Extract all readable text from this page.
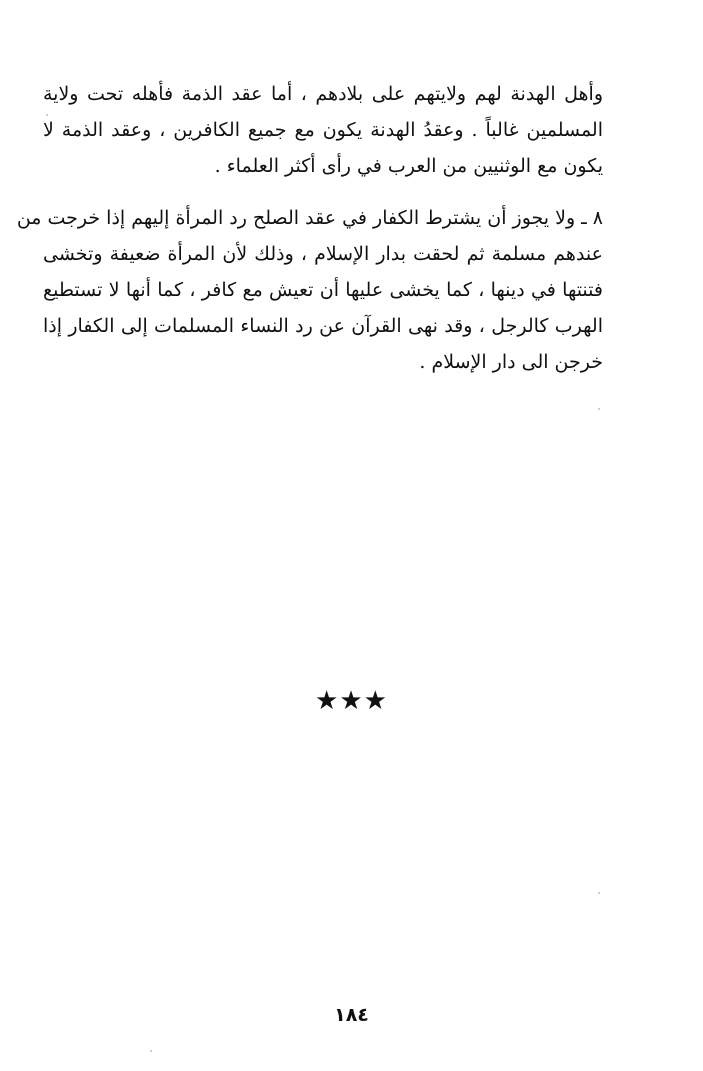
وأهل الهدنة لهم ولايتهم على بلادهم ، أما عقد الذمة فأهله تحت ولاية
المسلمين غالباً . وعقدُ الهدنة يكون مع جميع الكافرين ، وعقد الذمة لا
يكون مع الوثنيين من العرب في رأى أكثر العلماء .
٨ ـ ولا يجوز أن يشترط الكفار في عقد الصلح رد المرأة إليهم إذا خرجت من
عندهم مسلمة ثم لحقت بدار الإسلام ، وذلك لأن المرأة ضعيفة وتخشى
فتنتها في دينها ، كما يخشى عليها أن تعيش مع كافر ، كما أنها لا تستطيع
الهرب كالرجل ، وقد نهى القرآن عن رد النساء المسلمات إلى الكفار إذا
خرجن الى دار الإسلام .
★★★
١٨٤
